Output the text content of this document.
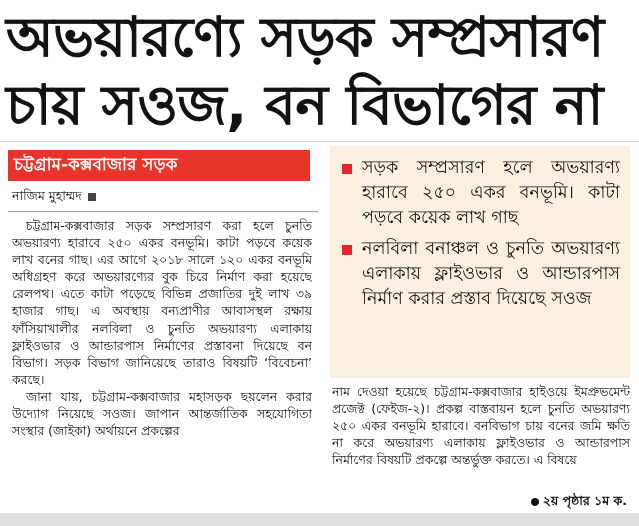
অভয়ারণ্যে সড়ক সম্প্রসারণ
চায় সওজ, বন বিভাগের না
চট্টগ্রাম-কক্সবাজার সড়ক
নাজিম মুহাম্মদ

চট্টগ্রাম-কক্সবাজার সড়ক সম্প্রসারণ করা হলে চুনতি অভয়ারণ্য হারাবে ২৫০ একর বনভূমি। কাটা পড়বে কয়েক লাখ বনের গাছ। এর আগে ২০১৮ সালে ১২০ একর বনভূমি অধিগ্রহণ করে অভয়ারণ্যের বুক চিরে নির্মাণ করা হয়েছে রেলপথ। এতে কাটা পড়েছে বিভিন্ন প্রজাতির দুই লাখ ৩৯ হাজার গাছ। এ অবস্থায় বন্যপ্রাণীর আবাসস্থল রক্ষায় ফাঁসিয়াখালীর নলবিলা ও চুনতি অভয়ারণ্য এলাকায় ফ্লাইওভার ও আন্ডারপাস নির্মাণের প্রস্তাবনা দিয়েছে বন বিভাগ। সড়ক বিভাগ জানিয়েছে তারাও বিষয়টি ‘বিবেচনা’ করছে।

জানা যায়, চট্টগ্রাম-কক্সবাজার মহাসড়ক ছয়লেন করার উদ্যোগ নিয়েছে সওজ। জাপান আন্তর্জাতিক সহযোগিতা সংস্থার (জাইকা) অর্থায়নে প্রকল্পের

সড়ক সম্প্রসারণ হলে অভয়ারণ্য হারাবে ২৫০ একর বনভূমি। কাটা পড়বে কয়েক লাখ গাছ
নলবিলা বনাঞ্চল ও চুনতি অভয়ারণ্য এলাকায় ফ্লাইওভার ও আন্ডারপাস নির্মাণ করার প্রস্তাব দিয়েছে সওজ

নাম দেওয়া হয়েছে চট্টগ্রাম-কক্সবাজার হাইওয়ে ইমপ্রুভমেন্ট প্রজেক্ট (ফেইজ-২)। প্রকল্প বাস্তবায়ন হলে চুনতি অভয়ারণ্য ২৫০ একর বনভূমি হারাবে। বনবিভাগ চায় বনের জমি ক্ষতি না করে অভয়ারণ্য এলাকায় ফ্লাইওভার ও আন্ডারপাস নির্মাণের বিষয়টি প্রকল্পে অন্তর্ভুক্ত করতে। এ বিষয়ে

২য় পৃষ্ঠার ১ম ক.
